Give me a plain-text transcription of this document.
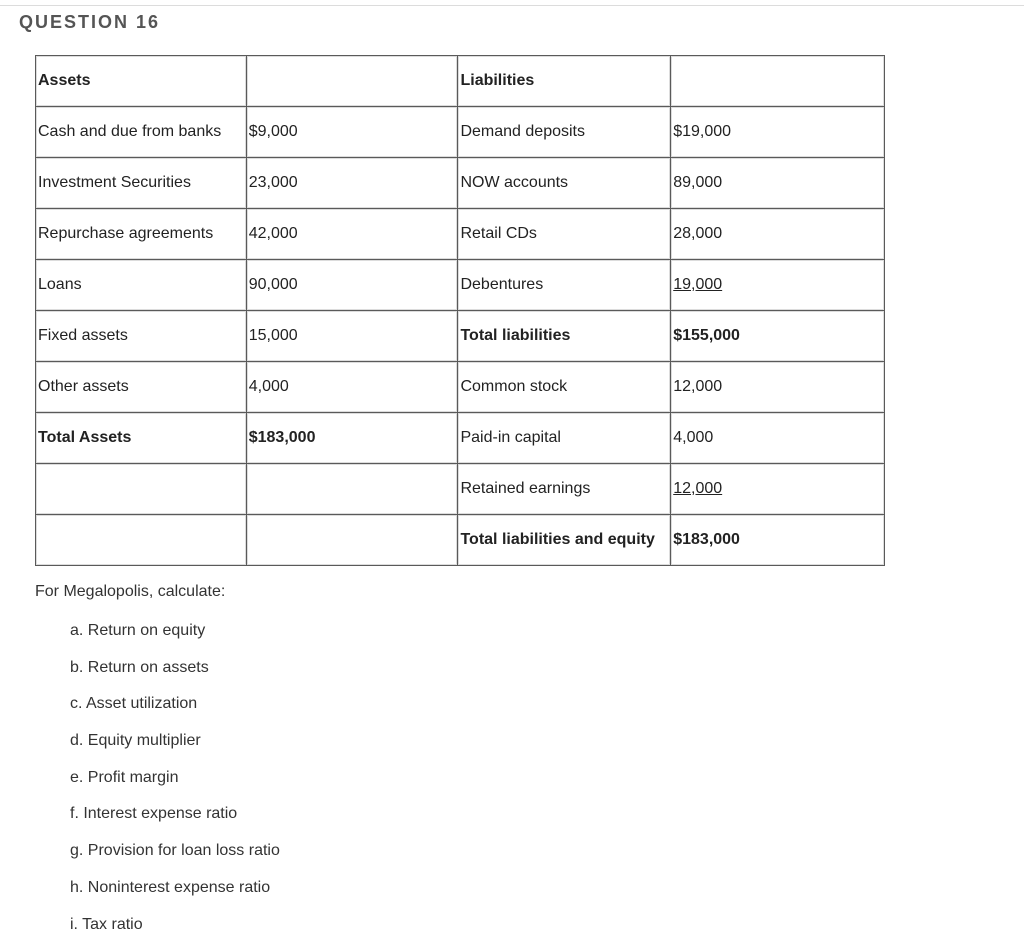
QUESTION 16
Assets		Liabilities	
Cash and due from banks	$9,000	Demand deposits	$19,000
Investment Securities	23,000	NOW accounts	89,000
Repurchase agreements	42,000	Retail CDs	28,000
Loans	90,000	Debentures	19,000
Fixed assets	15,000	Total liabilities	$155,000
Other assets	4,000	Common stock	12,000
Total Assets	$183,000	Paid-in capital	4,000
		Retained earnings	12,000
		Total liabilities and equity	$183,000
For Megalopolis, calculate:
a. Return on equity
b. Return on assets
c. Asset utilization
d. Equity multiplier
e. Profit margin
f. Interest expense ratio
g. Provision for loan loss ratio
h. Noninterest expense ratio
i. Tax ratio
